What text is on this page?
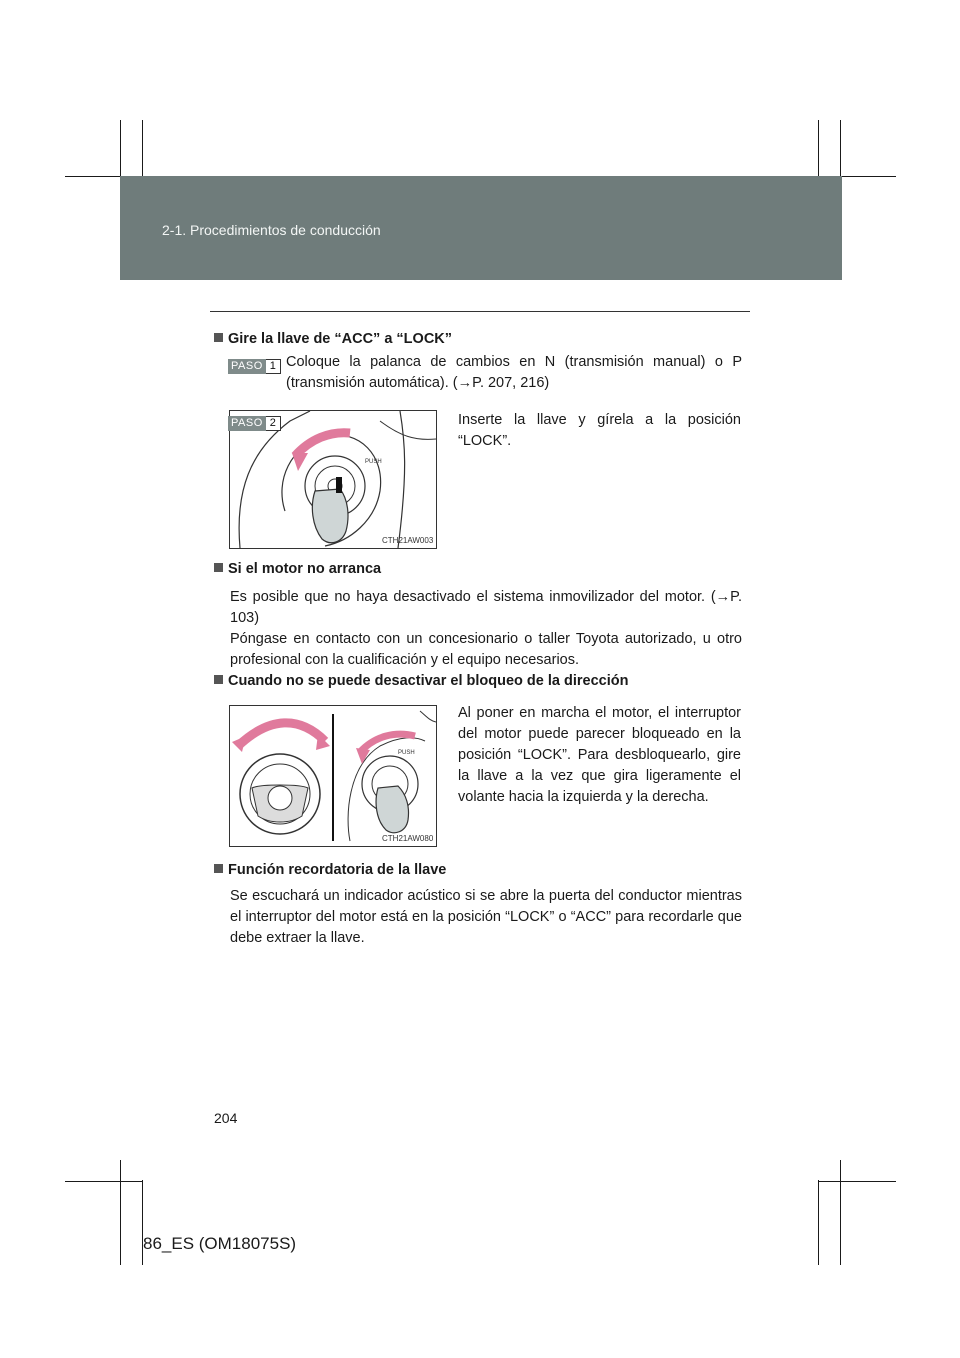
2-1. Procedimientos de conducción
Gire la llave de “ACC” a “LOCK”
PASO 1 Coloque la palanca de cambios en N (transmisión manual) o P (transmisión automática). (→P. 207, 216)
PUSH
CTH21AW003
PASO 2	Inserte la llave y gírela a la posición “LOCK”.
Si el motor no arranca
Es posible que no haya desactivado el sistema inmovilizador del motor. (→P. 103)
Póngase en contacto con un concesionario o taller Toyota autorizado, u otro profesional con la cualificación y el equipo necesarios.
Cuando no se puede desactivar el bloqueo de la dirección
PUSH
CTH21AW080
Al poner en marcha el motor, el interruptor del motor puede parecer bloqueado en la posición “LOCK”. Para desbloquearlo, gire la llave a la vez que gira ligeramente el volante hacia la izquierda y la derecha.
Función recordatoria de la llave
Se escuchará un indicador acústico si se abre la puerta del conductor mientras el interruptor del motor está en la posición “LOCK” o “ACC” para recordarle que debe extraer la llave.
204
86_ES (OM18075S)
